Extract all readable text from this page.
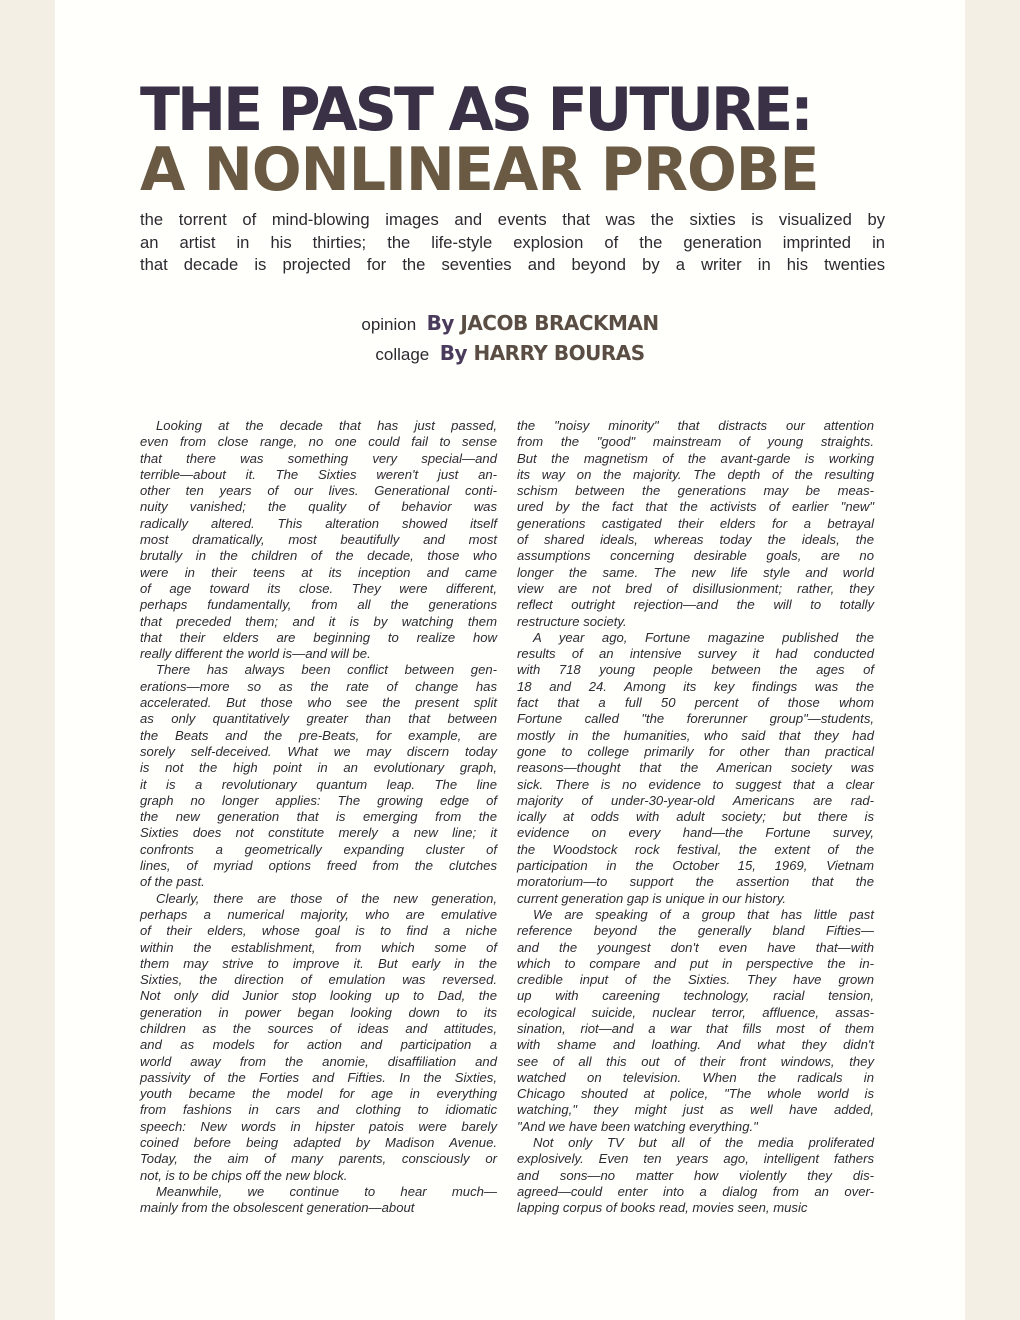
THE PAST AS FUTURE:
A NONLINEAR PROBE
the torrent of mind-blowing images and events that was the sixties is visualized by
an artist in his thirties; the life-style explosion of the generation imprinted in
that decade is projected for the seventies and beyond by a writer in his twenties
opinion By JACOB BRACKMAN
collage By HARRY BOURAS
Looking at the decade that has just passed,
even from close range, no one could fail to sense
that there was something very special—and
terrible—about it. The Sixties weren't just an-
other ten years of our lives. Generational conti-
nuity vanished; the quality of behavior was
radically altered. This alteration showed itself
most dramatically, most beautifully and most
brutally in the children of the decade, those who
were in their teens at its inception and came
of age toward its close. They were different,
perhaps fundamentally, from all the generations
that preceded them; and it is by watching them
that their elders are beginning to realize how
really different the world is—and will be.
There has always been conflict between gen-
erations—more so as the rate of change has
accelerated. But those who see the present split
as only quantitatively greater than that between
the Beats and the pre-Beats, for example, are
sorely self-deceived. What we may discern today
is not the high point in an evolutionary graph,
it is a revolutionary quantum leap. The line
graph no longer applies: The growing edge of
the new generation that is emerging from the
Sixties does not constitute merely a new line; it
confronts a geometrically expanding cluster of
lines, of myriad options freed from the clutches
of the past.
Clearly, there are those of the new generation,
perhaps a numerical majority, who are emulative
of their elders, whose goal is to find a niche
within the establishment, from which some of
them may strive to improve it. But early in the
Sixties, the direction of emulation was reversed.
Not only did Junior stop looking up to Dad, the
generation in power began looking down to its
children as the sources of ideas and attitudes,
and as models for action and participation a
world away from the anomie, disaffiliation and
passivity of the Forties and Fifties. In the Sixties,
youth became the model for age in everything
from fashions in cars and clothing to idiomatic
speech: New words in hipster patois were barely
coined before being adapted by Madison Avenue.
Today, the aim of many parents, consciously or
not, is to be chips off the new block.
Meanwhile, we continue to hear much—
mainly from the obsolescent generation—about
the "noisy minority" that distracts our attention
from the "good" mainstream of young straights.
But the magnetism of the avant-garde is working
its way on the majority. The depth of the resulting
schism between the generations may be meas-
ured by the fact that the activists of earlier "new"
generations castigated their elders for a betrayal
of shared ideals, whereas today the ideals, the
assumptions concerning desirable goals, are no
longer the same. The new life style and world
view are not bred of disillusionment; rather, they
reflect outright rejection—and the will to totally
restructure society.
A year ago, Fortune magazine published the
results of an intensive survey it had conducted
with 718 young people between the ages of
18 and 24. Among its key findings was the
fact that a full 50 percent of those whom
Fortune called "the forerunner group"—students,
mostly in the humanities, who said that they had
gone to college primarily for other than practical
reasons—thought that the American society was
sick. There is no evidence to suggest that a clear
majority of under-30-year-old Americans are rad-
ically at odds with adult society; but there is
evidence on every hand—the Fortune survey,
the Woodstock rock festival, the extent of the
participation in the October 15, 1969, Vietnam
moratorium—to support the assertion that the
current generation gap is unique in our history.
We are speaking of a group that has little past
reference beyond the generally bland Fifties—
and the youngest don't even have that—with
which to compare and put in perspective the in-
credible input of the Sixties. They have grown
up with careening technology, racial tension,
ecological suicide, nuclear terror, affluence, assas-
sination, riot—and a war that fills most of them
with shame and loathing. And what they didn't
see of all this out of their front windows, they
watched on television. When the radicals in
Chicago shouted at police, "The whole world is
watching," they might just as well have added,
"And we have been watching everything."
Not only TV but all of the media proliferated
explosively. Even ten years ago, intelligent fathers
and sons—no matter how violently they dis-
agreed—could enter into a dialog from an over-
lapping corpus of books read, movies seen, music
